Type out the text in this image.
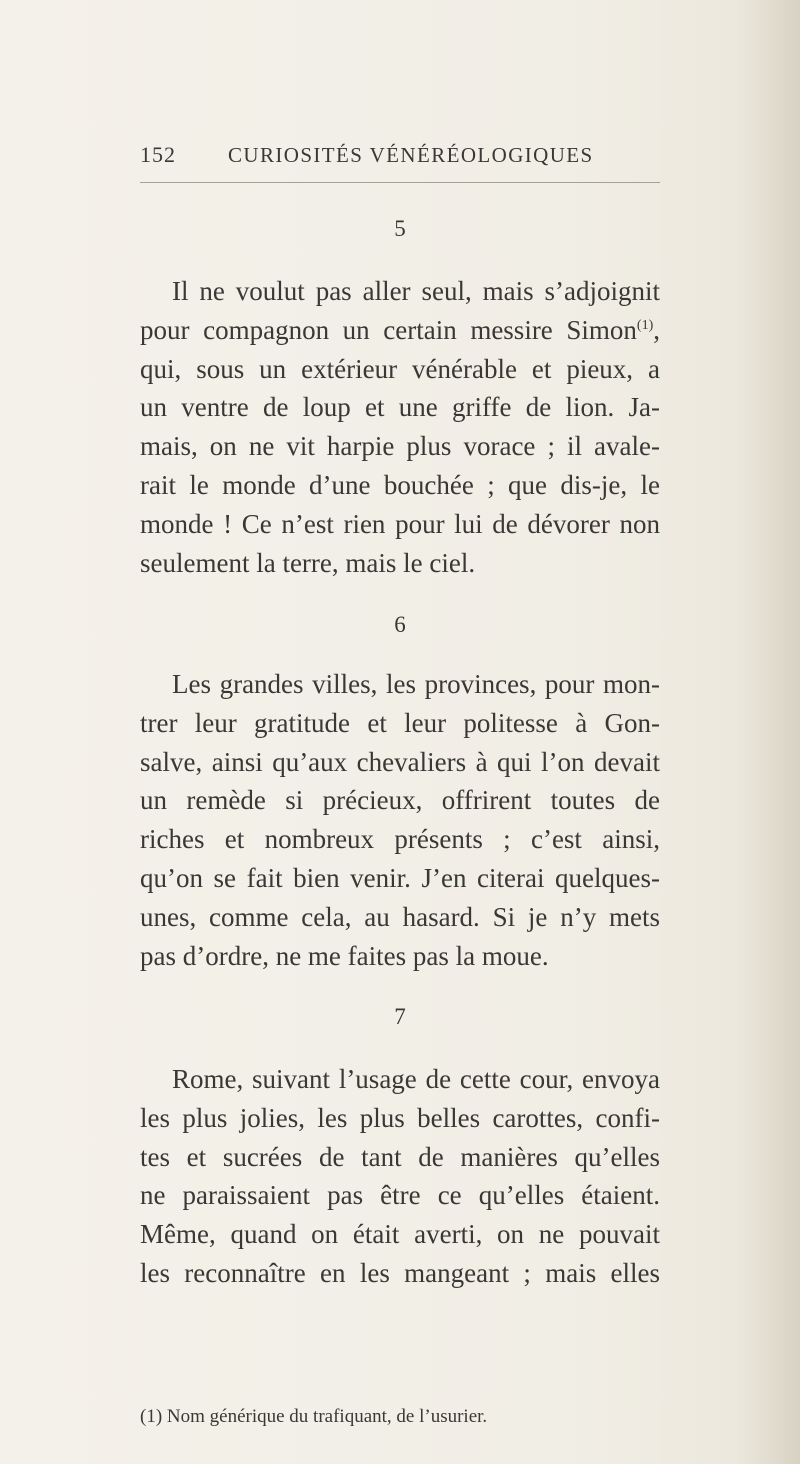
152 CURIOSITÉS VÉNÉRÉOLOGIQUES
5
Il ne voulut pas aller seul, mais s’adjoignit
pour compagnon un certain messire Simon$^{(1)}$,
qui, sous un extérieur vénérable et pieux, a
un ventre de loup et une griffe de lion. Ja-
mais, on ne vit harpie plus vorace ; il avale-
rait le monde d’une bouchée ; que dis-je, le
monde ! Ce n’est rien pour lui de dévorer non
seulement la terre, mais le ciel.
6
Les grandes villes, les provinces, pour mon-
trer leur gratitude et leur politesse à Gon-
salve, ainsi qu’aux chevaliers à qui l’on devait
un remède si précieux, offrirent toutes de
riches et nombreux présents ; c’est ainsi,
qu’on se fait bien venir. J’en citerai quelques-
unes, comme cela, au hasard. Si je n’y mets
pas d’ordre, ne me faites pas la moue.
7
Rome, suivant l’usage de cette cour, envoya
les plus jolies, les plus belles carottes, confi-
tes et sucrées de tant de manières qu’elles
ne paraissaient pas être ce qu’elles étaient.
Même, quand on était averti, on ne pouvait
les reconnaître en les mangeant ; mais elles
(1) Nom générique du trafiquant, de l’usurier.
